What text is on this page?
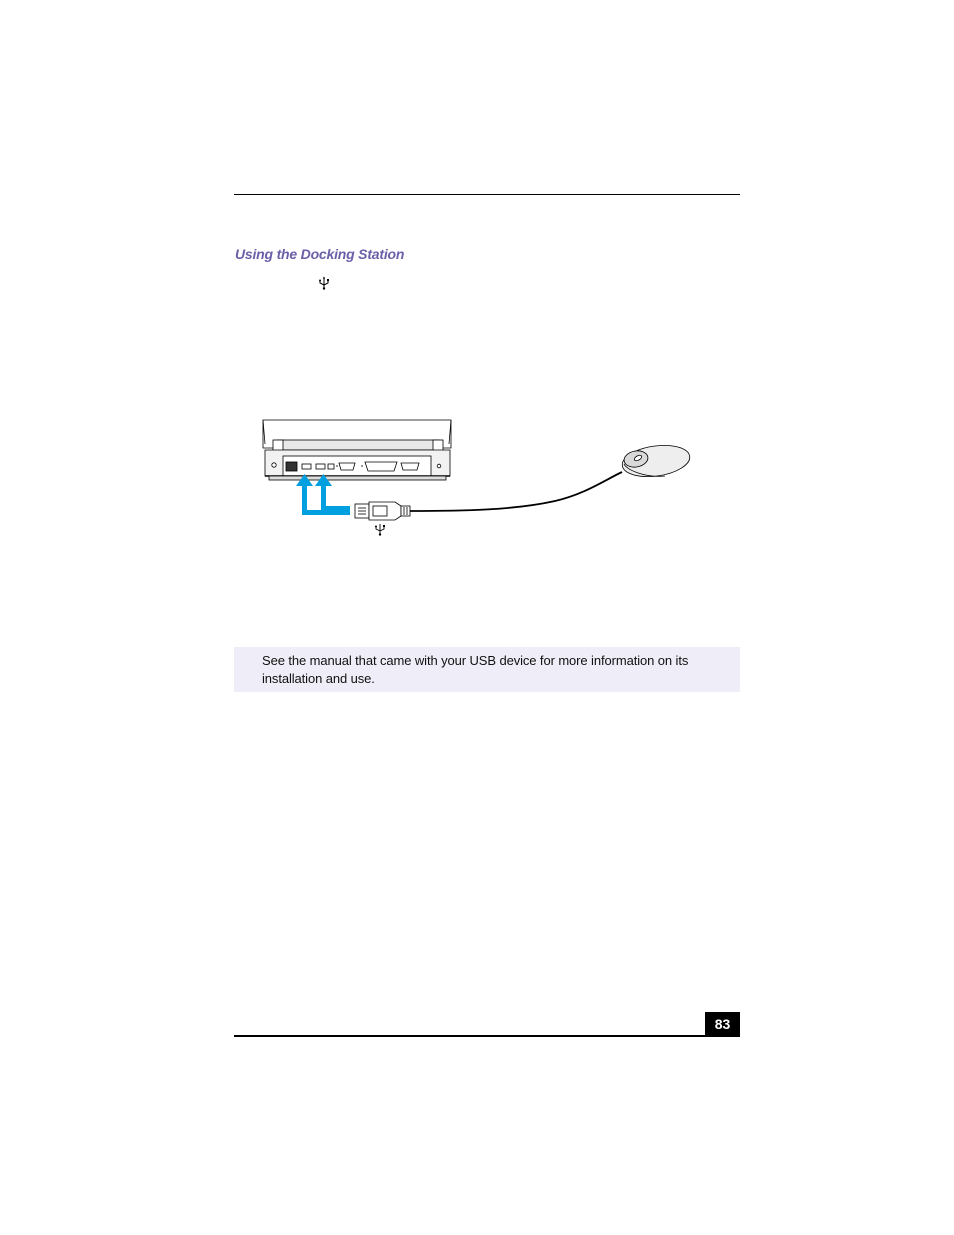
Using the Docking Station
See the manual that came with your USB device for more information on its installation and use.
83
